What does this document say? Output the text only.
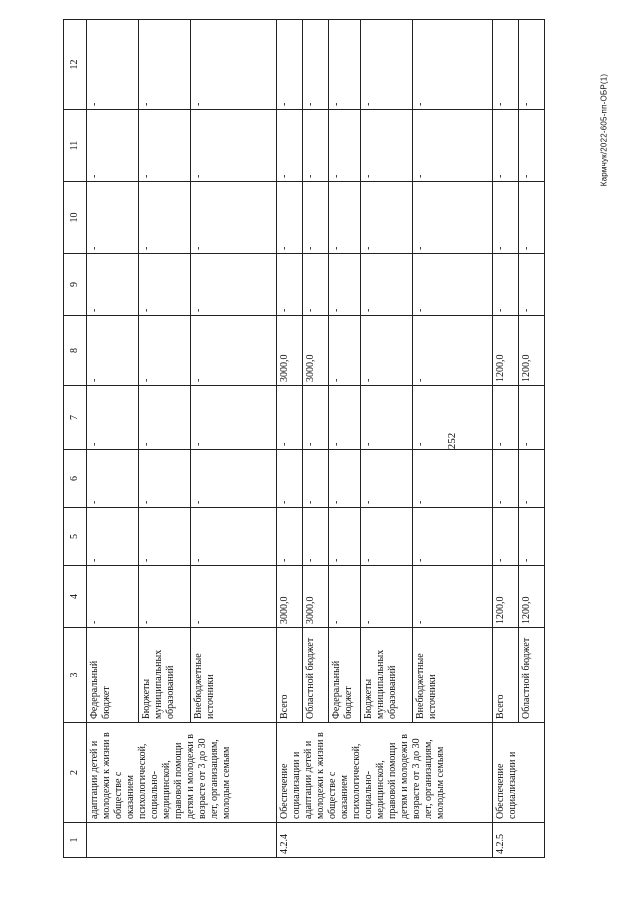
252
Кармчук/2022-605-пп-ОБР(1)
1	2	3	4	5	6	7	8	9	10	11	12
	адаптации детей и молодежи к жизни в обществе с оказанием психологической, социально-медицинской, правовой помощи детям и молодежи в возрасте от 3 до 30 лет, организациям, молодым семьям	Федеральный бюджет	-	-	-	-	-	-	-	-	-
		Бюджеты муниципальных образований	-	-	-	-	-	-	-	-	-
		Внебюджетные источники	-	-	-	-	-	-	-	-	-
4.2.4	Обеспечение социализации и адаптации детей и молодежи к жизни в обществе с оказанием психологической, социально-медицинской, правовой помощи детям и молодежи в возрасте от 3 до 30 лет, организациям, молодым семьям	Всего	3000,0	-	-	-	3000,0	-	-	-	-
		Областной бюджет	3000,0	-	-	-	3000,0	-	-	-	-
		Федеральный бюджет	-	-	-	-	-	-	-	-	-
		Бюджеты муниципальных образований	-	-	-	-	-	-	-	-	-
		Внебюджетные источники	-	-	-	-	-	-	-	-	-
4.2.5	Обеспечение социализации и	Всего	1200,0	-	-	-	1200,0	-	-	-	-
		Областной бюджет	1200,0	-	-	-	1200,0	-	-	-	-
